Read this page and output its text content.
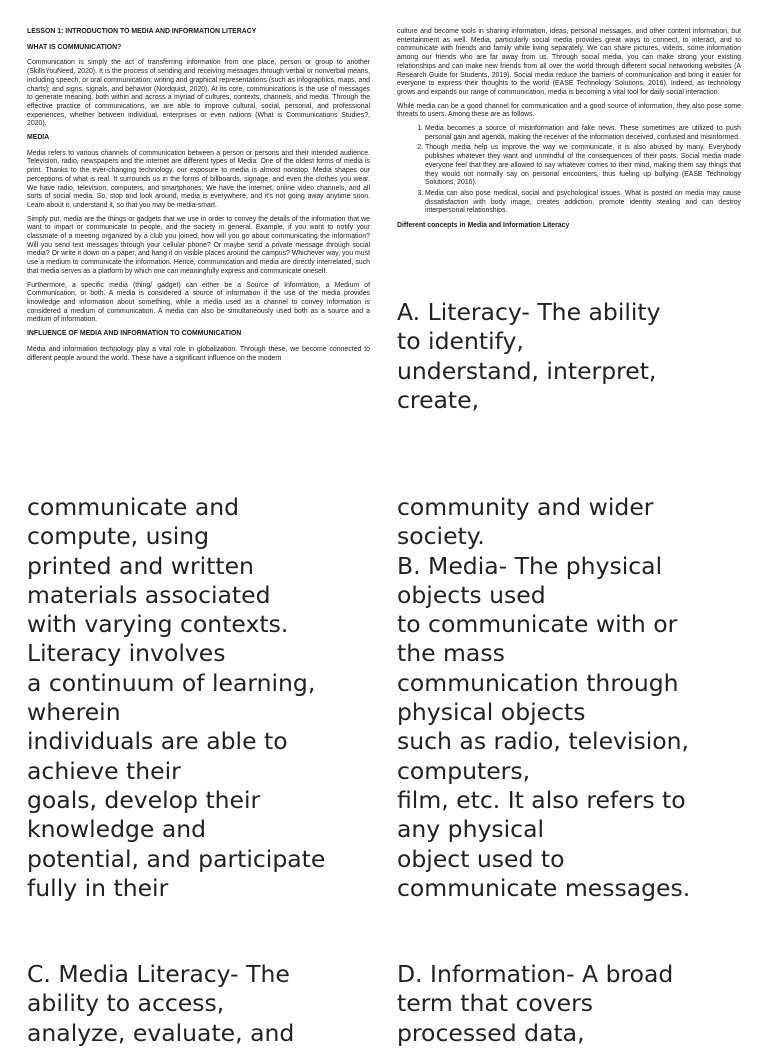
LESSON 1: INTRODUCTION TO MEDIA AND INFORMATION LITERACY
WHAT IS COMMUNICATION?

Communication is simply the act of transferring information from one place, person or group to another (SkillsYouNeed, 2020). It is the process of sending and receiving messages through verbal or nonverbal means, including speech, or oral communication; writing and graphical representations (such as infographics, maps, and charts); and signs, signals, and behavior (Nordquist, 2020). At its core, communications is the use of messages to generate meaning, both within and across a myriad of cultures, contexts, channels, and media. Through the effective practice of communications, we are able to improve cultural, social, personal, and professional experiences, whether between individual, enterprises or even nations (What is Communications Studies?, 2020).

MEDIA

Media refers to various channels of communication between a person or persons and their intended audience. Television, radio, newspapers and the internet are different types of Media. One of the oldest forms of media is print. Thanks to the ever-changing technology, our exposure to media is almost nonstop. Media shapes our perceptions of what is real. It surrounds us in the forms of billboards, signage, and even the clothes you wear. We have radio, television, computers, and smartphones. We have the internet, online video channels, and all sorts of social media. So, stop and look around, media is everywhere, and it's not going away anytime soon. Learn about it, understand it, so that you may be media-smart.

Simply put, media are the things or gadgets that we use in order to convey the details of the information that we want to impart or communicate to people, and the society in general. Example, if you want to notify your classmate of a meeting organized by a club you joined, how will you go about communicating the information? Will you send text messages through your cellular phone? Or maybe send a private message through social media? Or write it down on a paper, and hang it on visible places around the campus? Whichever way, you must use a medium to communicate the information. Hence, communication and media are directly interrelated, such that media serves as a platform by which one can meaningfully express and communicate oneself.

Furthermore, a specific media (thing/ gadget) can either be a Source of Information, a Medium of Communication, or both. A media is considered a source of information if the use of the media provides knowledge and information about something, while a media used as a channel to convey information is considered a medium of communication. A media can also be simultaneously used both as a source and a medium of information.

INFLUENCE OF MEDIA AND INFORMATION TO COMMUNICATION

Media and information technology play a vital role in globalization. Through these, we become connected to different people around the world. These have a significant influence on the modern

culture and become tools in sharing information, ideas, personal messages, and other content information, but entertainment as well. Media, particularly social media provides great ways to connect, to interact, and to communicate with friends and family while living separately. We can share pictures, videos, some information among our friends who are far away from us. Through social media, you can make strong your existing relationships and can make new friends from all over the world through different social networking websites (A Research Guide for Students, 2019). Social media reduce the barriers of communication and bring it easier for everyone to express their thoughts to the world (EASE Technology Solutions, 2016). Indeed, as technology grows and expands our range of communication, media is becoming a vital tool for daily social interaction.

While media can be a good channel for communication and a good source of information, they also pose some threats to users. Among these are as follows.

1. Media becomes a source of misinformation and fake news. These sometimes are utilized to push personal gain and agenda, making the receiver of the information deceived, confused and misinformed.
2. Though media help us improve the way we communicate, it is also abused by many. Everybody publishes whatever they want and unmindful of the consequences of their posts. Social media made everyone feel that they are allowed to say whatever comes to their mind, making them say things that they would not normally say on personal encounters, thus fueling up bullying (EASE Technology Solutions, 2016).
3. Media can also pose medical, social and psychological issues. What is posted on media may cause dissatisfaction with body image, creates addiction, promote identity stealing and can destroy interpersonal relationships.
Different concepts in Media and Information Literacy
A. Literacy- The ability
to identify,
understand, interpret,
create,
communicate and
compute, using
printed and written
materials associated
with varying contexts.
Literacy involves
a continuum of learning,
wherein
individuals are able to
achieve their
goals, develop their
knowledge and
potential, and participate
fully in their
community and wider
society.
B. Media- The physical
objects used
to communicate with or
the mass
communication through
physical objects
such as radio, television,
computers,
film, etc. It also refers to
any physical
object used to
communicate messages.
C. Media Literacy- The
ability to access,
analyze, evaluate, and
D. Information- A broad
term that covers
processed data,
